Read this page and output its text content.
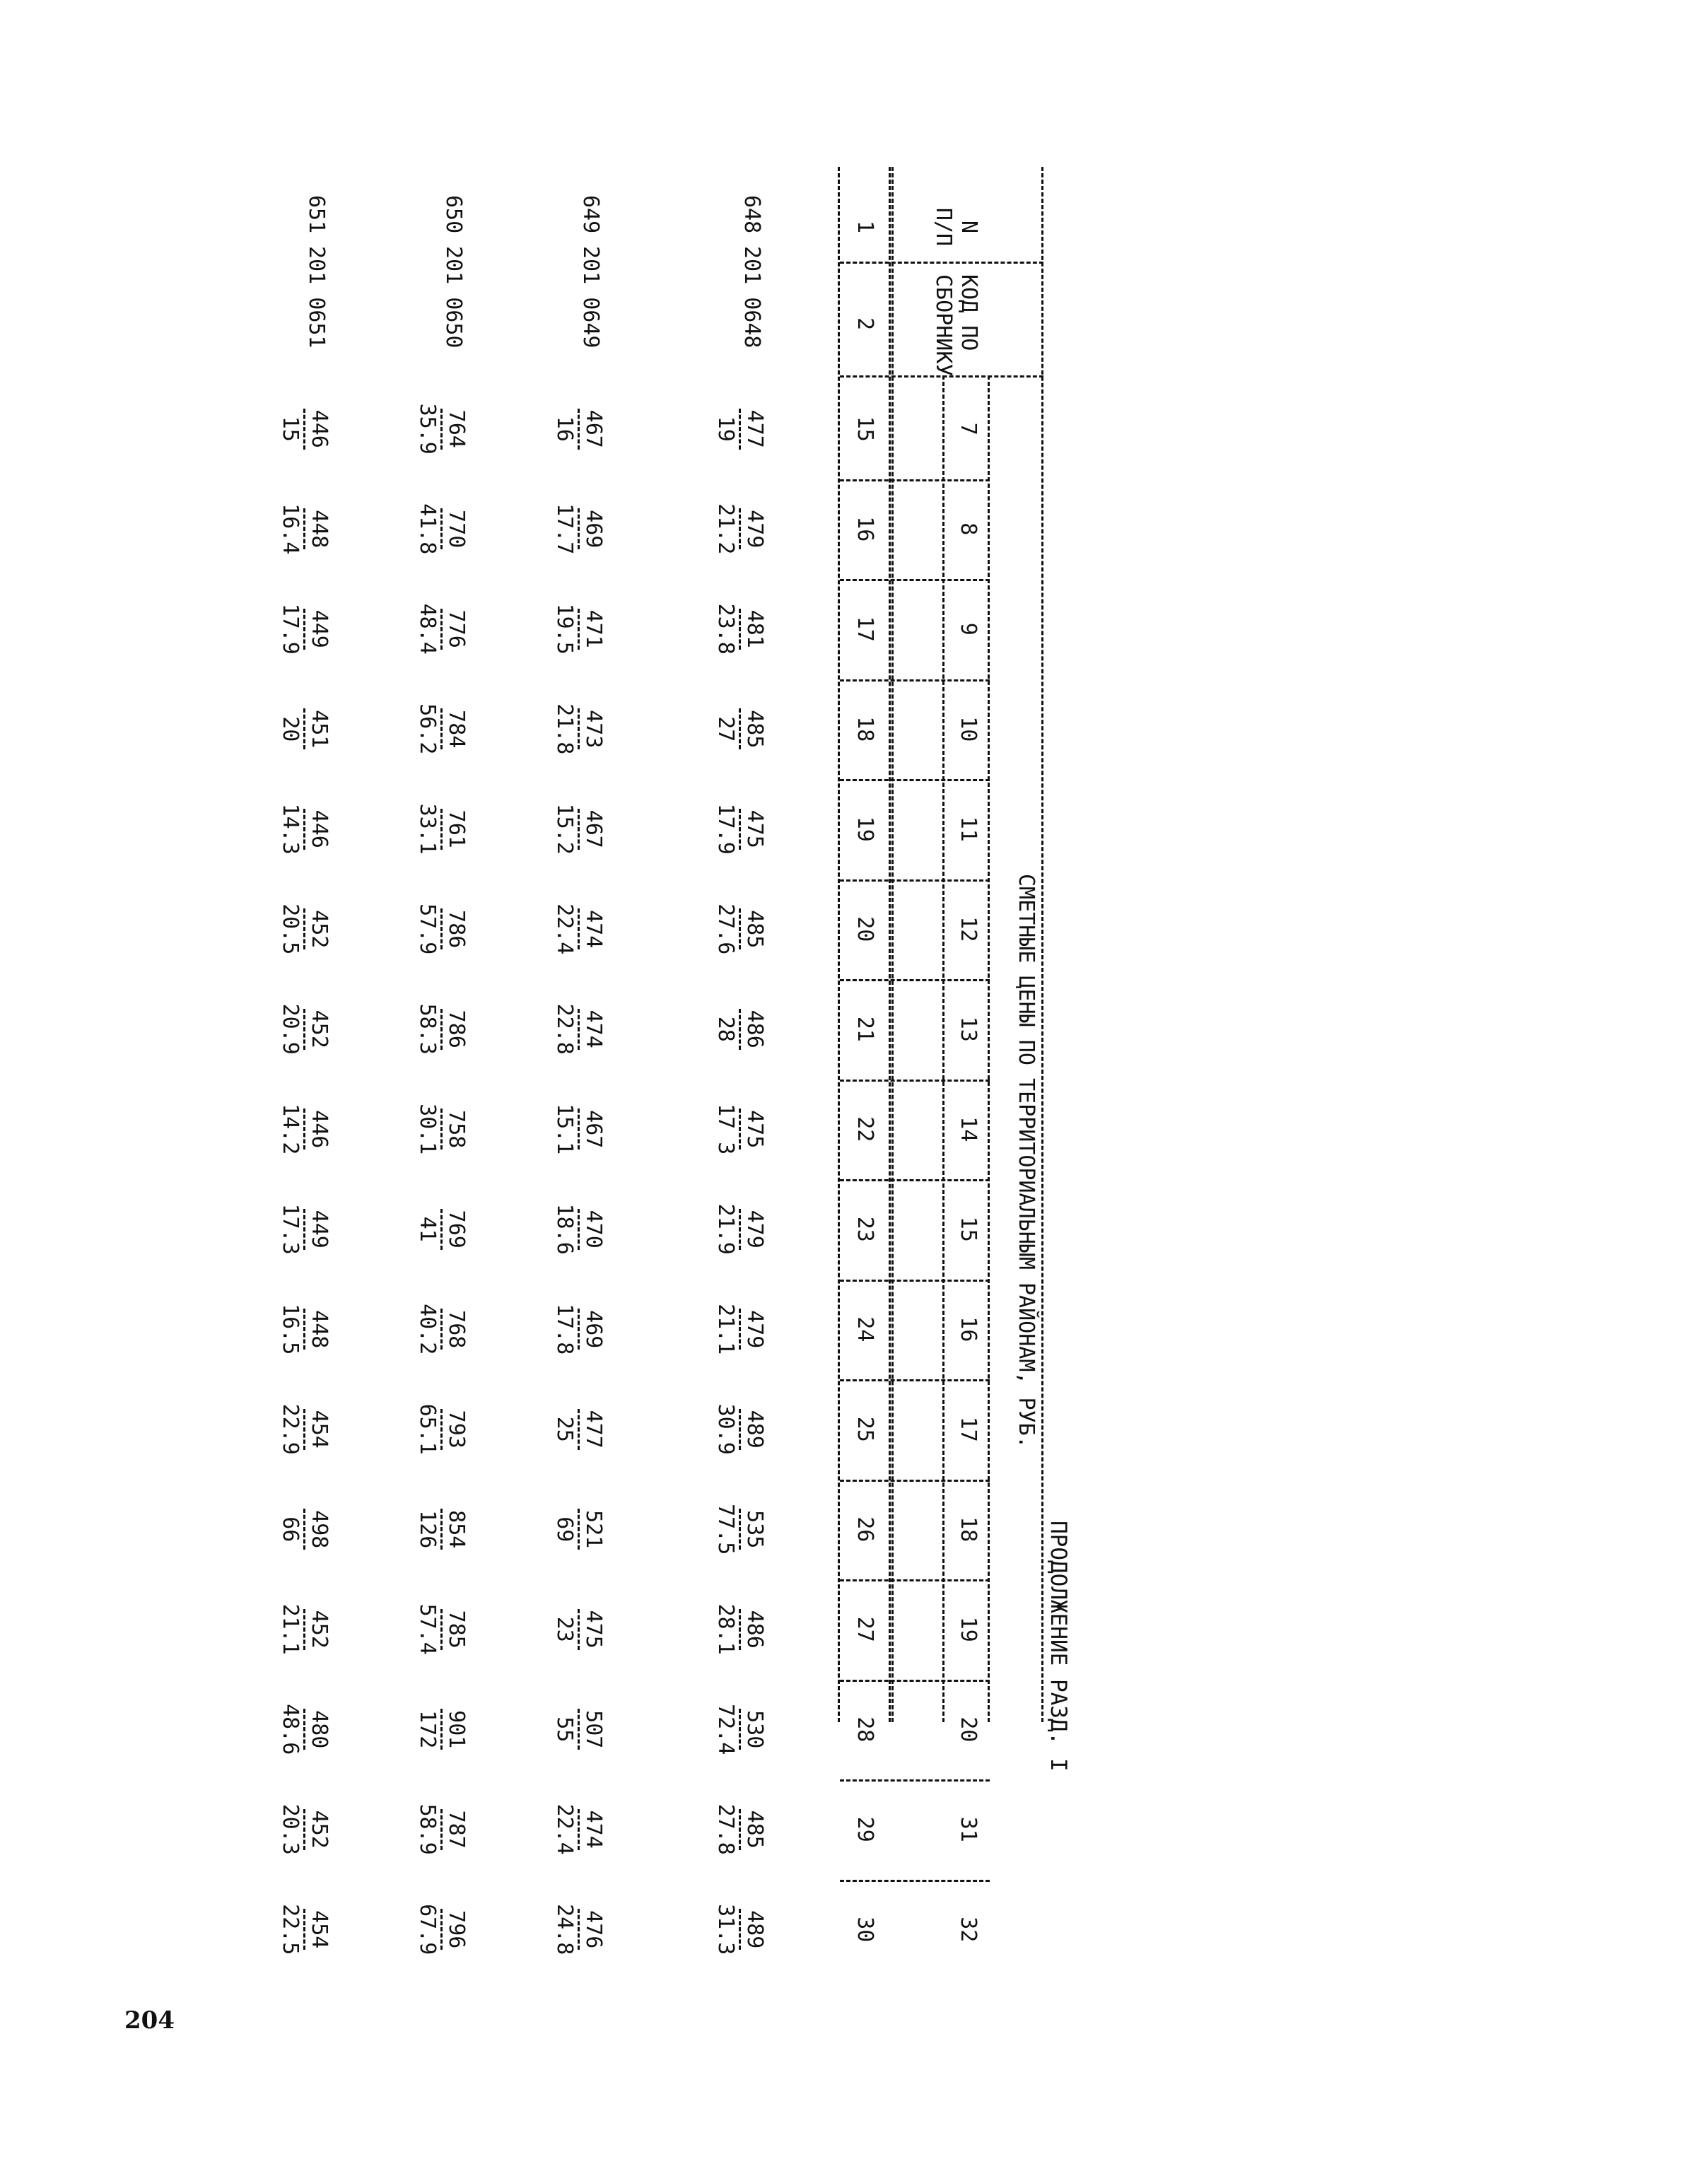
204
ПРОДОЛЖЕНИЕ РАЗД. I
N
П/П
КОД ПО
СБОРНИКУ
СМЕТНЫЕ ЦЕНЫ ПО ТЕРРИТОРИАЛЬНЫМ РАЙОНАМ, РУБ.
7
8
9
10
11
12
13
14
15
16
17
18
19
20
31
32
1
2
15
16
17
18
19
20
21
22
23
24
25
26
27
28
29
30
648
201 0648
477
19
479
21.2
481
23.8
485
27
475
17.9
485
27.6
486
28
475
17 3
479
21.9
479
21.1
489
30.9
535
77.5
486
28.1
530
72.4
485
27.8
489
31.3
649
201 0649
467
16
469
17.7
471
19.5
473
21.8
467
15.2
474
22.4
474
22.8
467
15.1
470
18.6
469
17.8
477
25
521
69
475
23
507
55
474
22.4
476
24.8
650
201 0650
764
35.9
770
41.8
776
48.4
784
56.2
761
33.1
786
57.9
786
58.3
758
30.1
769
41
768
40.2
793
65.1
854
126
785
57.4
901
172
787
58.9
796
67.9
651
201 0651
446
15
448
16.4
449
17.9
451
20
446
14.3
452
20.5
452
20.9
446
14.2
449
17.3
448
16.5
454
22.9
498
66
452
21.1
480
48.6
452
20.3
454
22.5
